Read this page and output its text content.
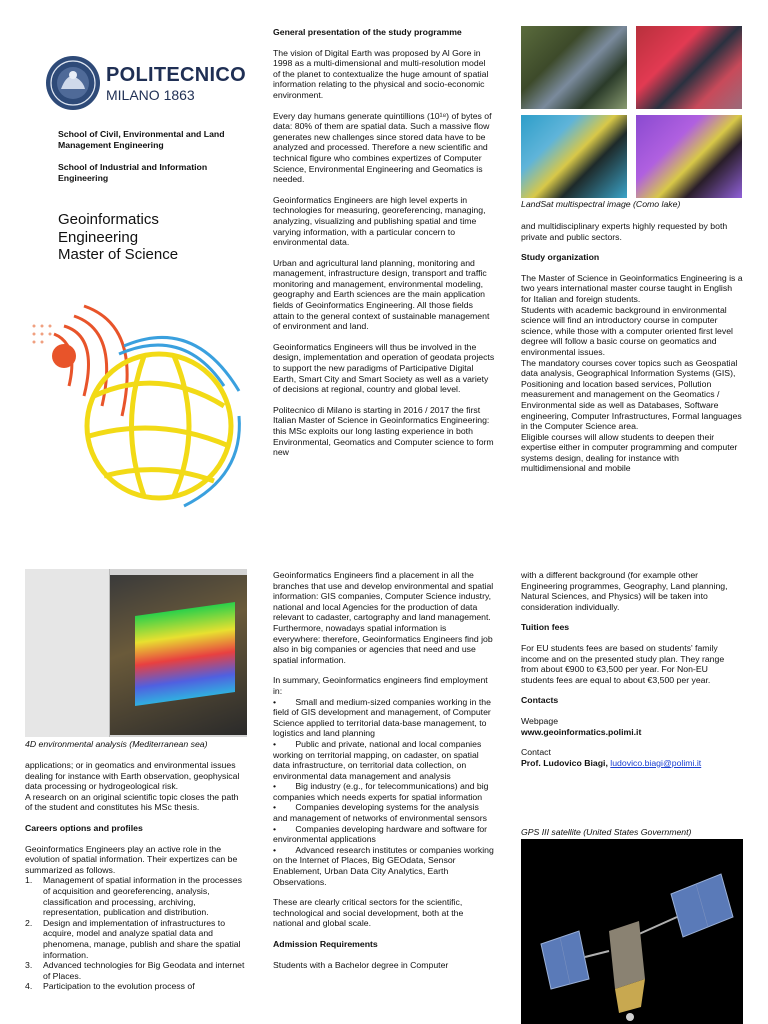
POLITECNICO
MILANO 1863
School of Civil, Environmental and Land Management Engineering
School of Industrial and Information Engineering
Geoinformatics
Engineering
Master of Science
General presentation of the study programme

The vision of Digital Earth was proposed by Al Gore in 1998 as a multi-dimensional and multi-resolution model of the planet to contextualize the huge amount of spatial information relating to the physical and socio-economic environment.

Every day humans generate quintillions (10¹⁸) of bytes of data: 80% of them are spatial data. Such a massive flow generates new challenges since stored data have to be analyzed and processed. Therefore a new scientific and technical figure who combines expertizes of Computer Science, Environmental Engineering and Geomatics is needed.

Geoinformatics Engineers are high level experts in technologies for measuring, georeferencing, managing, analyzing, visualizing and publishing spatial and time varying information, with a particular concern to environmental data.

Urban and agricultural land planning, monitoring and management, infrastructure design, transport and traffic monitoring and management, environmental modeling, geography and Earth sciences are the main application fields of Geoinformatics Engineering. All those fields attain to the general context of sustainable management of environment and land.

Geoinformatics Engineers will thus be involved in the design, implementation and operation of geodata projects to support the new paradigms of Participative Digital Earth, Smart City and Smart Society as well as a variety of decisions at regional, country and global level.

Politecnico di Milano is starting in 2016 / 2017 the first Italian Master of Science in Geoinformatics Engineering: this MSc exploits our long lasting experience in both Environmental, Geomatics and Computer science to form new

LandSat multispectral image (Como lake)

and multidisciplinary experts highly requested by both private and public sectors.

Study organization

The Master of Science in Geoinformatics Engineering is a two years international master course taught in English for Italian and foreign students.
Students with academic background in environmental science will find an introductory course in computer science, while those with a computer oriented first level degree will follow a basic course on geomatics and environmental issues.
The mandatory courses cover topics such as Geospatial data analysis, Geographical Information Systems (GIS), Positioning and location based services, Pollution measurement and management on the Geomatics / Environmental side as well as Databases, Software engineering, Computer Infrastructures, Formal languages in the Computer Science area.
Eligible courses will allow students to deepen their expertise either in computer programming and computer systems design, dealing for instance with multidimensional and mobile

4D environmental analysis (Mediterranean sea)

applications; or in geomatics and environmental issues dealing for instance with Earth observation, geophysical data processing or hydrogeological risk.
A research on an original scientific topic closes the path of the student and constitutes his MSc thesis.

Careers options and profiles

Geoinformatics Engineers play an active role in the evolution of spatial information. Their expertizes can be summarized as follows.

1. Management of spatial information in the processes of acquisition and georeferencing, analysis, classification and processing, archiving, representation, publication and distribution.
2. Design and implementation of infrastructures to acquire, model and analyze spatial data and phenomena, manage, publish and share the spatial information.
3. Advanced technologies for Big Geodata and internet of Places.
4. Participation to the evolution process of

Geoinformatics Engineers find a placement in all the branches that use and develop environmental and spatial information: GIS companies, Computer Science industry, national and local Agencies for the production of data relevant to cadaster, cartography and land management. Furthermore, nowadays spatial information is everywhere: therefore, Geoinformatics Engineers find job also in big companies or agencies that need and use spatial information.

In summary, Geoinformatics engineers find employment in:

•        Small and medium-sized companies working in the field of GIS development and management, of Computer Science applied to territorial data-base management, to logistics and land planning
•        Public and private, national and local companies working on territorial mapping, on cadaster, on spatial data infrastructure, on territorial data collection, on environmental data management and analysis
•        Big industry (e.g., for telecommunications) and big companies which needs experts for spatial information
•        Companies developing systems for the analysis and management of networks of environmental sensors
•        Companies developing hardware and software for environmental applications
•        Advanced research institutes or companies working on the Internet of Places, Big GEOdata, Sensor Enablement, Urban Data City Analytics, Earth Observations.

These are clearly critical sectors for the scientific, technological and social development, both at the national and global scale.

Admission Requirements

Students with a Bachelor degree in Computer

with a different background (for example other Engineering programmes, Geography, Land planning, Natural Sciences, and Physics) will be taken into consideration individually.

Tuition fees

For EU students fees are based on students' family income and on the presented study plan. They range from about €900 to €3,500 per year. For Non-EU students fees are equal to about €3,500 per year.

Contacts
Webpage
www.geoinformatics.polimi.it
Contact
Prof. Ludovico Biagi, ludovico.biagi@polimi.it
GPS III satellite (United States Government)
